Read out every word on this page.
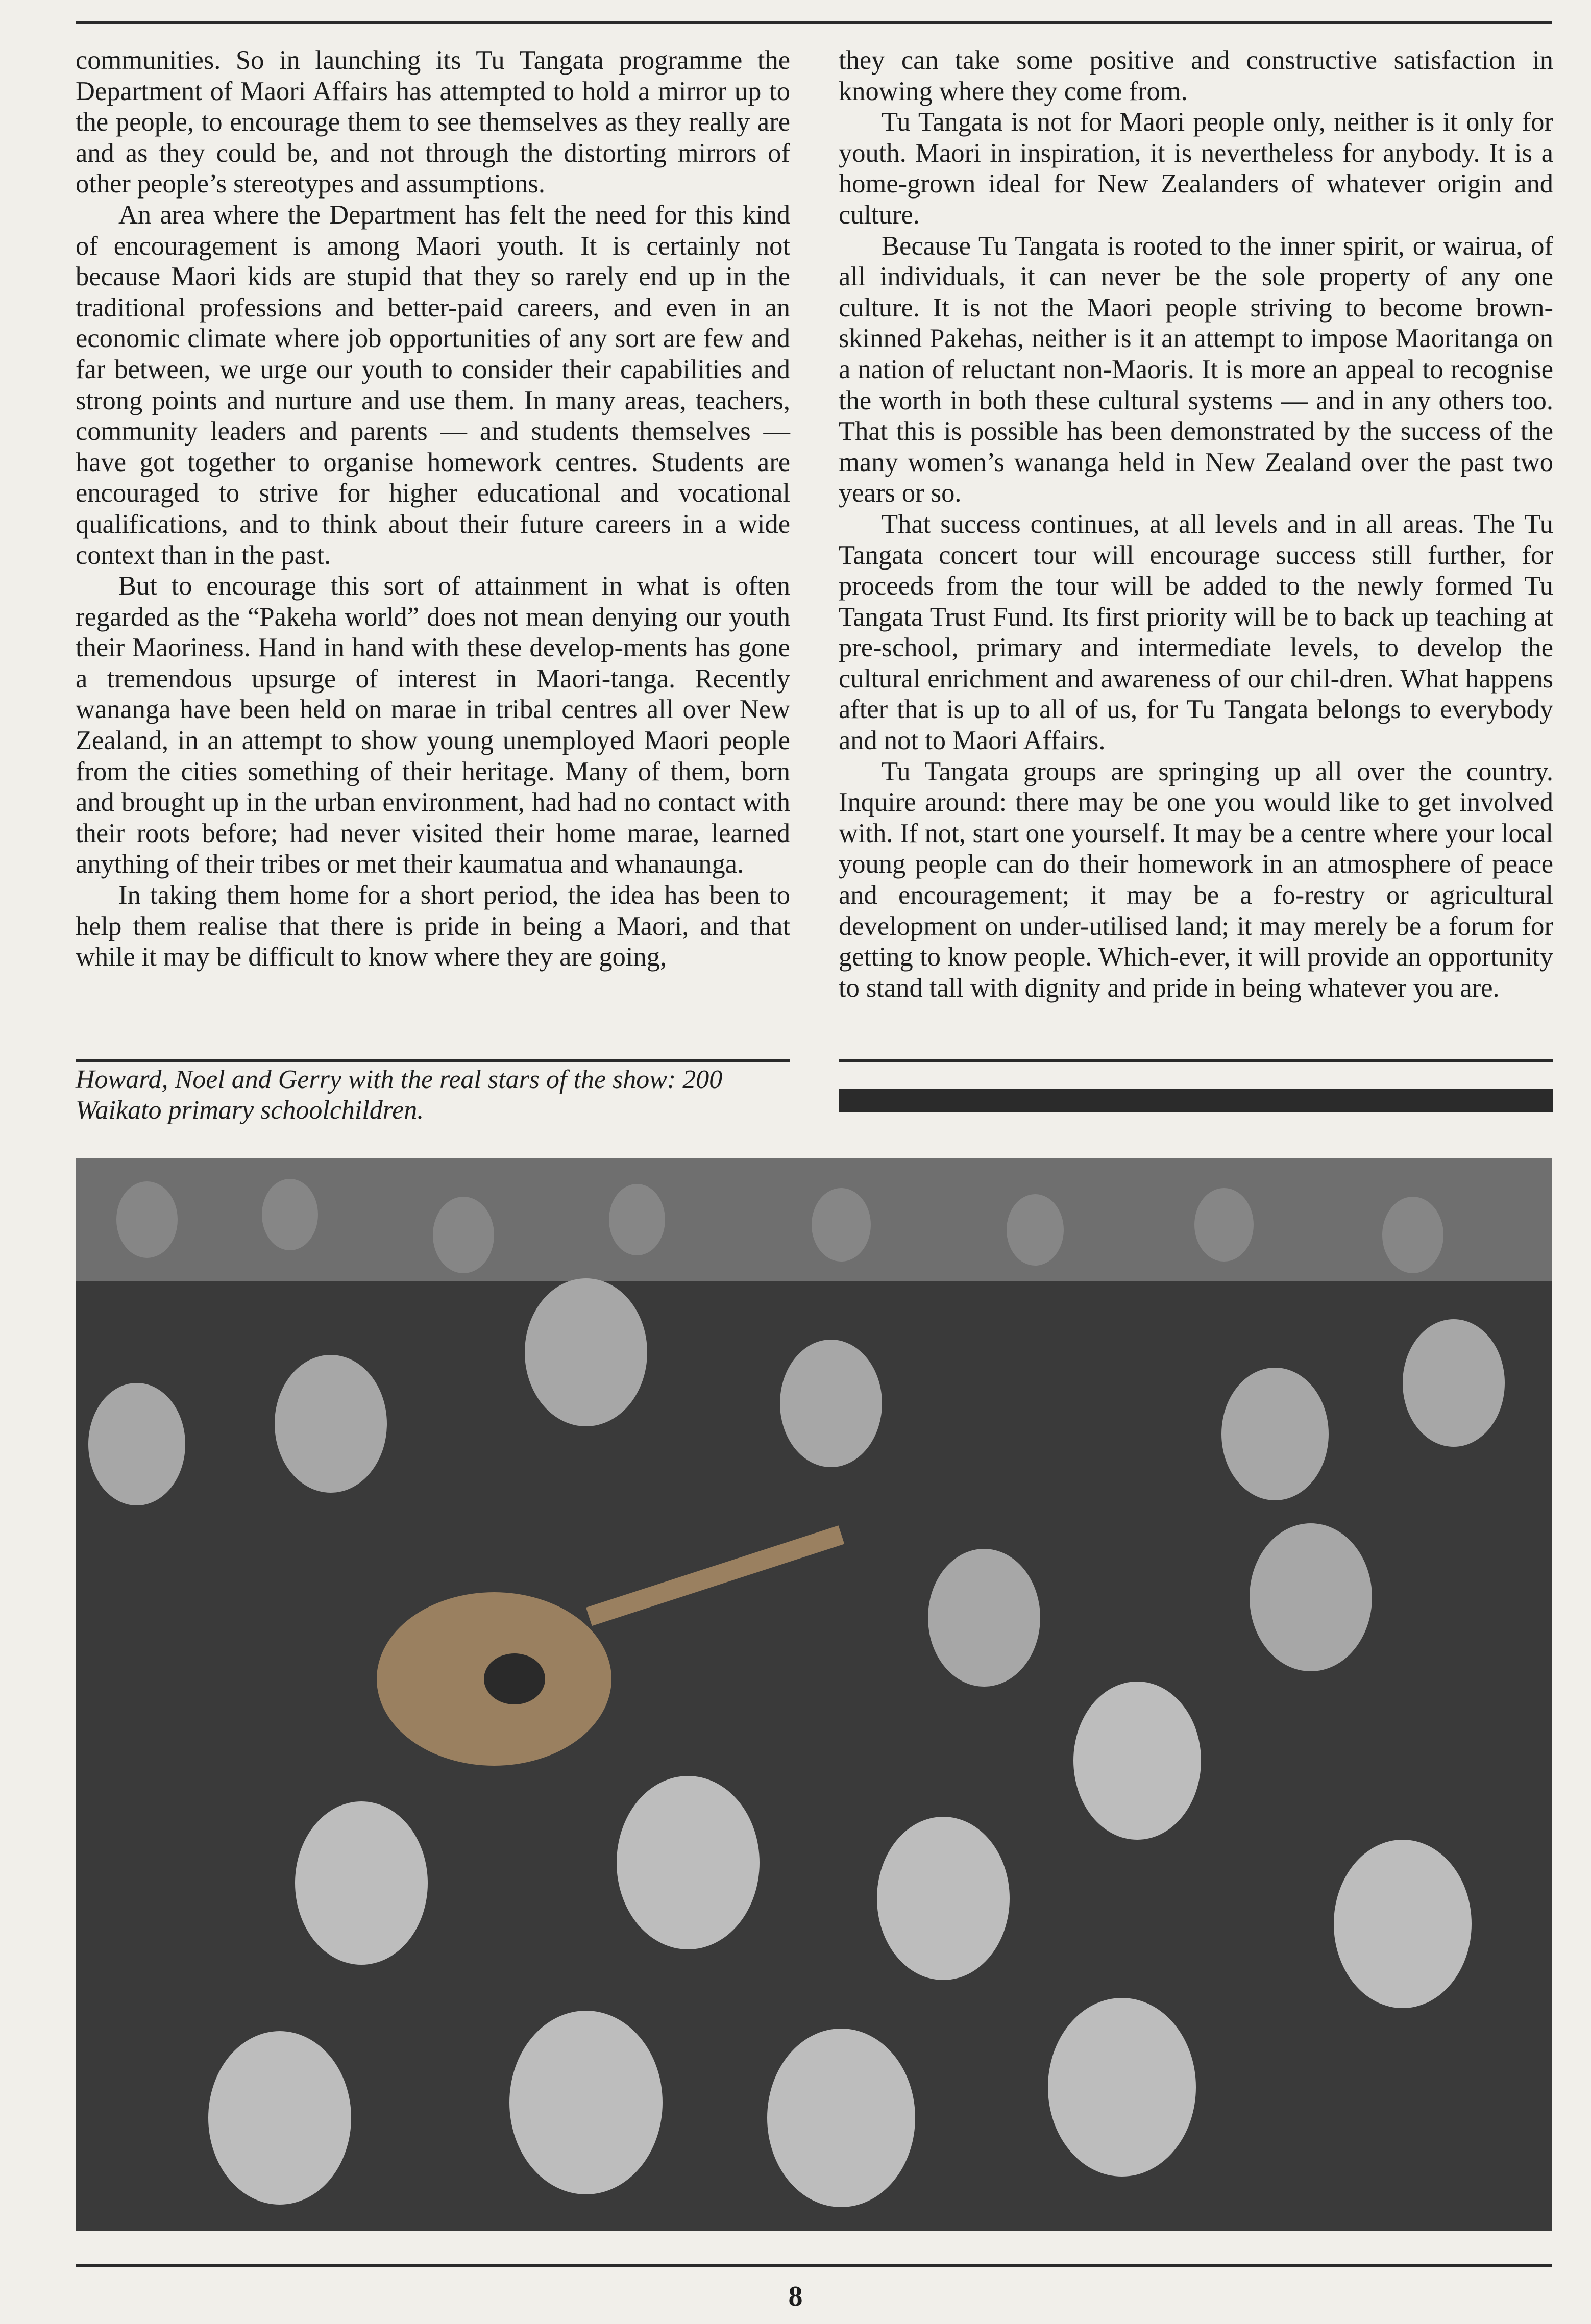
communities. So in launching its Tu Tangata programme the Department of Maori Affairs has attempted to hold a mirror up to the people, to encourage them to see themselves as they really are and as they could be, and not through the distorting mirrors of other people’s stereotypes and assumptions.

An area where the Department has felt the need for this kind of encouragement is among Maori youth. It is certainly not because Maori kids are stupid that they so rarely end up in the traditional professions and better-paid careers, and even in an economic climate where job opportunities of any sort are few and far between, we urge our youth to consider their capabilities and strong points and nurture and use them. In many areas, teachers, community leaders and parents — and students themselves — have got together to organise homework centres. Students are encouraged to strive for higher educational and vocational qualifications, and to think about their future careers in a wide context than in the past.

But to encourage this sort of attainment in what is often regarded as the “Pakeha world” does not mean denying our youth their Maoriness. Hand in hand with these develop-ments has gone a tremendous upsurge of interest in Maori-tanga. Recently wananga have been held on marae in tribal centres all over New Zealand, in an attempt to show young unemployed Maori people from the cities something of their heritage. Many of them, born and brought up in the urban environment, had had no contact with their roots before; had never visited their home marae, learned anything of their tribes or met their kaumatua and whanaunga.

In taking them home for a short period, the idea has been to help them realise that there is pride in being a Maori, and that while it may be difficult to know where they are going,

they can take some positive and constructive satisfaction in knowing where they come from.

Tu Tangata is not for Maori people only, neither is it only for youth. Maori in inspiration, it is nevertheless for anybody. It is a home-grown ideal for New Zealanders of whatever origin and culture.

Because Tu Tangata is rooted to the inner spirit, or wairua, of all individuals, it can never be the sole property of any one culture. It is not the Maori people striving to become brown-skinned Pakehas, neither is it an attempt to impose Maoritanga on a nation of reluctant non-Maoris. It is more an appeal to recognise the worth in both these cultural systems — and in any others too. That this is possible has been demonstrated by the success of the many women’s wananga held in New Zealand over the past two years or so.

That success continues, at all levels and in all areas. The Tu Tangata concert tour will encourage success still further, for proceeds from the tour will be added to the newly formed Tu Tangata Trust Fund. Its first priority will be to back up teaching at pre-school, primary and intermediate levels, to develop the cultural enrichment and awareness of our chil-dren. What happens after that is up to all of us, for Tu Tangata belongs to everybody and not to Maori Affairs.

Tu Tangata groups are springing up all over the country. Inquire around: there may be one you would like to get involved with. If not, start one yourself. It may be a centre where your local young people can do their homework in an atmosphere of peace and encouragement; it may be a fo-restry or agricultural development on under-utilised land; it may merely be a forum for getting to know people. Which-ever, it will provide an opportunity to stand tall with dignity and pride in being whatever you are.

Howard, Noel and Gerry with the real stars of the show: 200 Waikato primary schoolchildren.
8
